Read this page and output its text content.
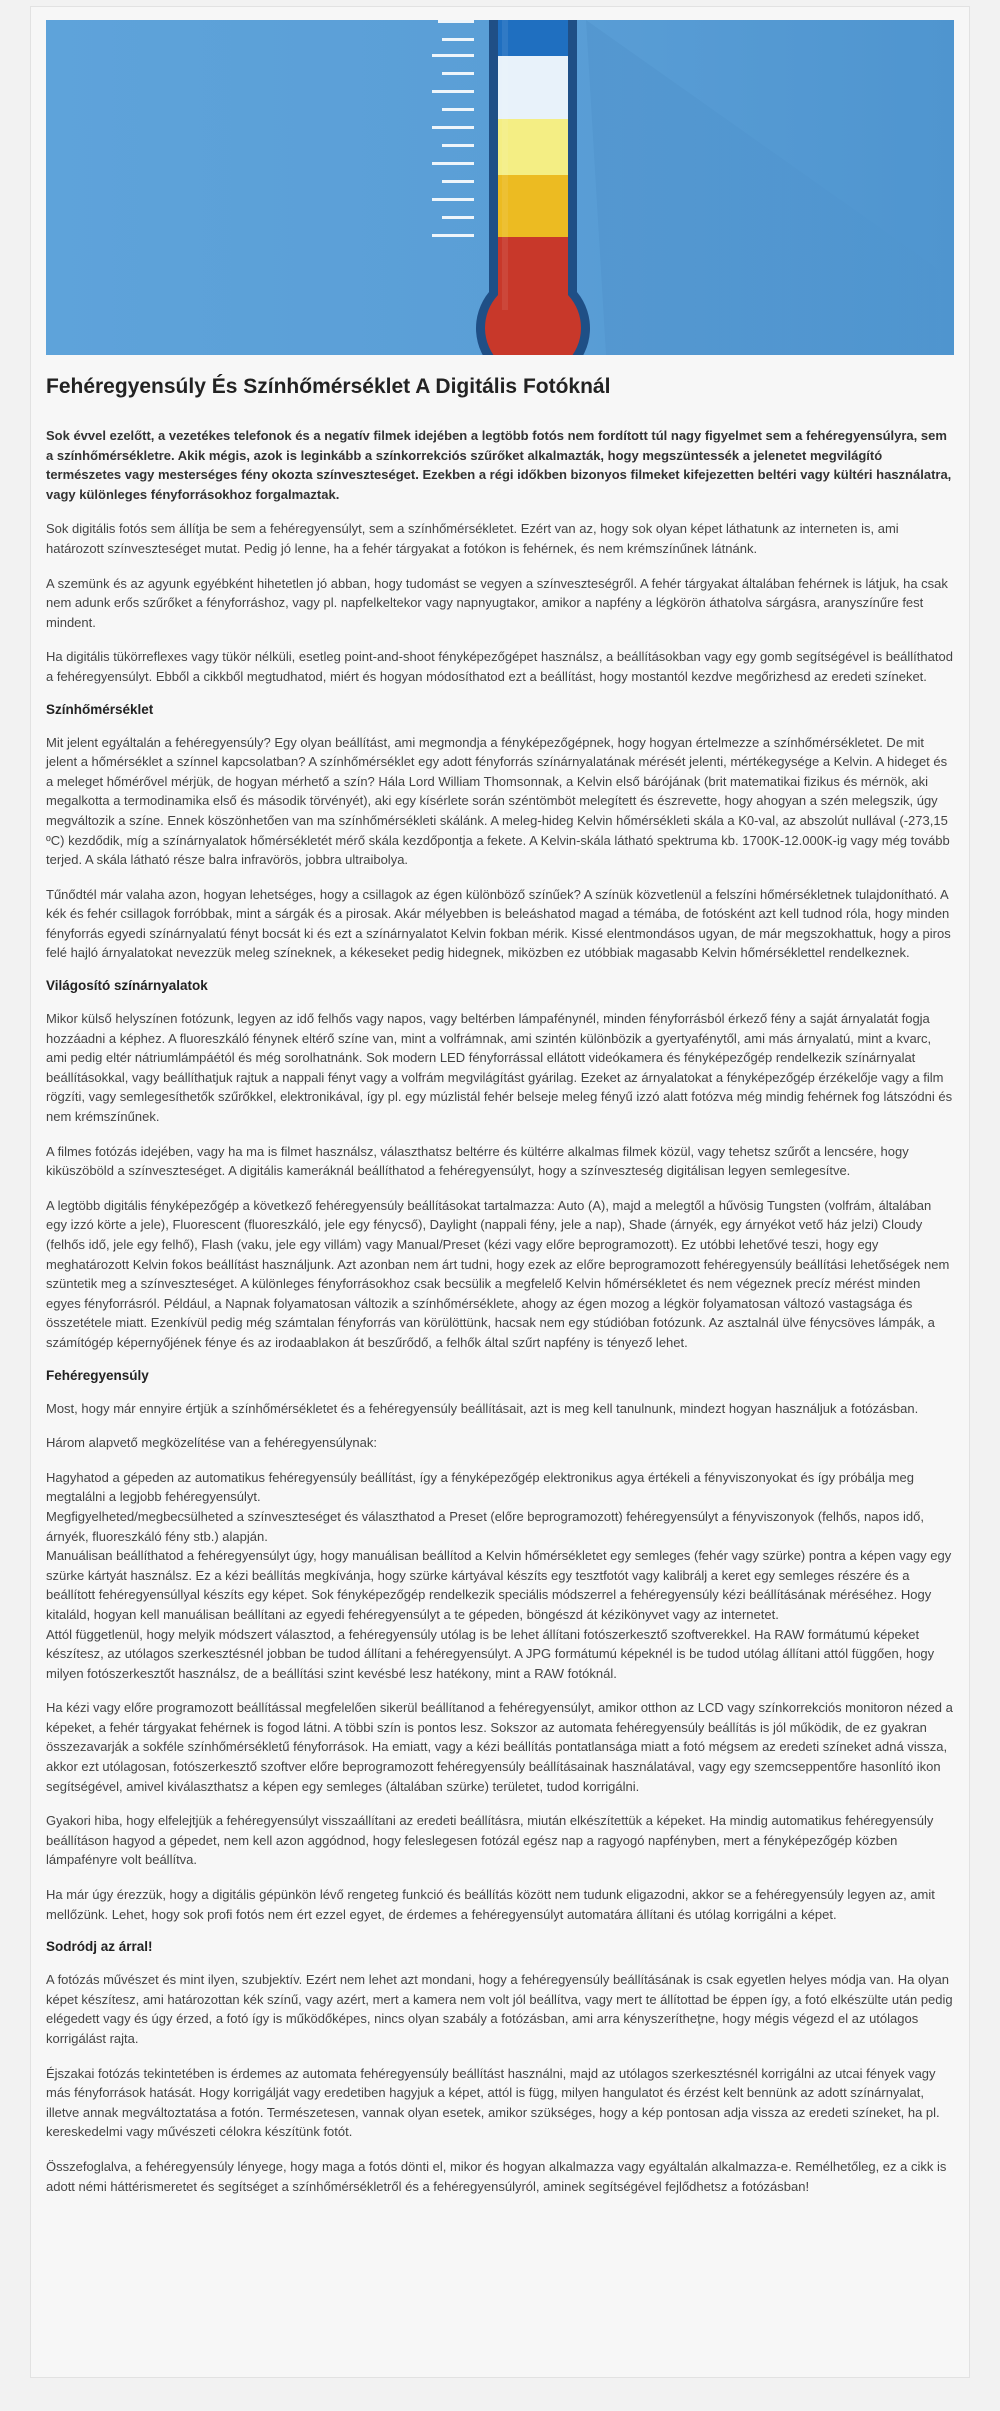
Fehéregyensúly És Színhőmérséklet A Digitális Fotóknál

Sok évvel ezelőtt, a vezetékes telefonok és a negatív filmek idejében a legtöbb fotós nem fordított túl nagy figyelmet sem a fehéregyensúlyra, sem a színhőmérsékletre. Akik mégis, azok is leginkább a színkorrekciós szűrőket alkalmazták, hogy megszüntessék a jelenetet megvilágító természetes vagy mesterséges fény okozta színveszteséget. Ezekben a régi időkben bizonyos filmeket kifejezetten beltéri vagy kültéri használatra, vagy különleges fényforrásokhoz forgalmaztak.

Sok digitális fotós sem állítja be sem a fehéregyensúlyt, sem a színhőmérsékletet. Ezért van az, hogy sok olyan képet láthatunk az interneten is, ami határozott színveszteséget mutat. Pedig jó lenne, ha a fehér tárgyakat a fotókon is fehérnek, és nem krémszínűnek látnánk.

A szemünk és az agyunk egyébként hihetetlen jó abban, hogy tudomást se vegyen a színveszteségről. A fehér tárgyakat általában fehérnek is látjuk, ha csak nem adunk erős szűrőket a fényforráshoz, vagy pl. napfelkeltekor vagy napnyugtakor, amikor a napfény a légkörön áthatolva sárgásra, aranyszínűre fest mindent.

Ha digitális tükörreflexes vagy tükör nélküli, esetleg point-and-shoot fényképezőgépet használsz, a beállításokban vagy egy gomb segítségével is beállíthatod a fehéregyensúlyt. Ebből a cikkből megtudhatod, miért és hogyan módosíthatod ezt a beállítást, hogy mostantól kezdve megőrizhesd az eredeti színeket.

Színhőmérséklet

Mit jelent egyáltalán a fehéregyensúly? Egy olyan beállítást, ami megmondja a fényképezőgépnek, hogy hogyan értelmezze a színhőmérsékletet. De mit jelent a hőmérséklet a színnel kapcsolatban? A színhőmérséklet egy adott fényforrás színárnyalatának mérését jelenti, mértékegysége a Kelvin. A hideget és a meleget hőmérővel mérjük, de hogyan mérhető a szín? Hála Lord William Thomsonnak, a Kelvin első bárójának (brit matematikai fizikus és mérnök, aki megalkotta a termodinamika első és második törvényét), aki egy kísérlete során széntömböt melegített és észrevette, hogy ahogyan a szén melegszik, úgy megváltozik a színe. Ennek köszönhetően van ma színhőmérsékleti skálánk. A meleg-hideg Kelvin hőmérsékleti skála a K0-val, az abszolút nullával (-273,15 ºC) kezdődik, míg a színárnyalatok hőmérsékletét mérő skála kezdőpontja a fekete. A Kelvin-skála látható spektruma kb. 1700K-12.000K-ig vagy még tovább terjed. A skála látható része balra infravörös, jobbra ultraibolya.

Tűnődtél már valaha azon, hogyan lehetséges, hogy a csillagok az égen különböző színűek? A színük közvetlenül a felszíni hőmérsékletnek tulajdonítható. A kék és fehér csillagok forróbbak, mint a sárgák és a pirosak. Akár mélyebben is beleáshatod magad a témába, de fotósként azt kell tudnod róla, hogy minden fényforrás egyedi színárnyalatú fényt bocsát ki és ezt a színárnyalatot Kelvin fokban mérik. Kissé elentmondásos ugyan, de már megszokhattuk, hogy a piros felé hajló árnyalatokat nevezzük meleg színeknek, a kékeseket pedig hidegnek, miközben ez utóbbiak magasabb Kelvin hőmérséklettel rendelkeznek.

Világosító színárnyalatok

Mikor külső helyszínen fotózunk, legyen az idő felhős vagy napos, vagy beltérben lámpafénynél, minden fényforrásból érkező fény a saját árnyalatát fogja hozzáadni a képhez. A fluoreszkáló fénynek eltérő színe van, mint a volfrámnak, ami szintén különbözik a gyertyafénytől, ami más árnyalatú, mint a kvarc, ami pedig eltér nátriumlámpáétól és még sorolhatnánk. Sok modern LED fényforrással ellátott videókamera és fényképezőgép rendelkezik színárnyalat beállításokkal, vagy beállíthatjuk rajtuk a nappali fényt vagy a volfrám megvilágítást gyárilag. Ezeket az árnyalatokat a fényképezőgép érzékelője vagy a film rögzíti, vagy semlegesíthetők szűrőkkel, elektronikával, így pl. egy múzlistál fehér belseje meleg fényű izzó alatt fotózva még mindig fehérnek fog látszódni és nem krémszínűnek.

A filmes fotózás idejében, vagy ha ma is filmet használsz, választhatsz beltérre és kültérre alkalmas filmek közül, vagy tehetsz szűrőt a lencsére, hogy kiküszöböld a színveszteséget. A digitális kameráknál beállíthatod a fehéregyensúlyt, hogy a színveszteség digitálisan legyen semlegesítve.

A legtöbb digitális fényképezőgép a következő fehéregyensúly beállításokat tartalmazza: Auto (A), majd a melegtől a hűvösig Tungsten (volfrám, általában egy izzó körte a jele), Fluorescent (fluoreszkáló, jele egy fénycső), Daylight (nappali fény, jele a nap), Shade (árnyék, egy árnyékot vető ház jelzi) Cloudy (felhős idő, jele egy felhő), Flash (vaku, jele egy villám) vagy Manual/Preset (kézi vagy előre beprogramozott). Ez utóbbi lehetővé teszi, hogy egy meghatározott Kelvin fokos beállítást használjunk. Azt azonban nem árt tudni, hogy ezek az előre beprogramozott fehéregyensúly beállítási lehetőségek nem szüntetik meg a színveszteséget. A különleges fényforrásokhoz csak becsülik a megfelelő Kelvin hőmérsékletet és nem végeznek precíz mérést minden egyes fényforrásról. Például, a Napnak folyamatosan változik a színhőmérséklete, ahogy az égen mozog a légkör folyamatosan változó vastagsága és összetétele miatt. Ezenkívül pedig még számtalan fényforrás van körülöttünk, hacsak nem egy stúdióban fotózunk. Az asztalnál ülve fénycsöves lámpák, a számítógép képernyőjének fénye és az irodaablakon át beszűrődő, a felhők által szűrt napfény is tényező lehet.

Fehéregyensúly

Most, hogy már ennyire értjük a színhőmérsékletet és a fehéregyensúly beállításait, azt is meg kell tanulnunk, mindezt hogyan használjuk a fotózásban.

Három alapvető megközelítése van a fehéregyensúlynak:

Hagyhatod a gépeden az automatikus fehéregyensúly beállítást, így a fényképezőgép elektronikus agya értékeli a fényviszonyokat és így próbálja meg megtalálni a legjobb fehéregyensúlyt.

Megfigyelheted/megbecsülheted a színveszteséget és választhatod a Preset (előre beprogramozott) fehéregyensúlyt a fényviszonyok (felhős, napos idő, árnyék, fluoreszkáló fény stb.) alapján.

Manuálisan beállíthatod a fehéregyensúlyt úgy, hogy manuálisan beállítod a Kelvin hőmérsékletet egy semleges (fehér vagy szürke) pontra a képen vagy egy szürke kártyát használsz. Ez a kézi beállítás megkívánja, hogy szürke kártyával készíts egy tesztfotót vagy kalibrálj a keret egy semleges részére és a beállított fehéregyensúllyal készíts egy képet. Sok fényképezőgép rendelkezik speciális módszerrel a fehéregyensúly kézi beállításának méréséhez. Hogy kitaláld, hogyan kell manuálisan beállítani az egyedi fehéregyensúlyt a te gépeden, böngészd át kézikönyvet vagy az internetet.

Attól függetlenül, hogy melyik módszert választod, a fehéregyensúly utólag is be lehet állítani fotószerkesztő szoftverekkel. Ha RAW formátumú képeket készítesz, az utólagos szerkesztésnél jobban be tudod állítani a fehéregyensúlyt. A JPG formátumú képeknél is be tudod utólag állítani attól függően, hogy milyen fotószerkesztőt használsz, de a beállítási szint kevésbé lesz hatékony, mint a RAW fotóknál.

Ha kézi vagy előre programozott beállítással megfelelően sikerül beállítanod a fehéregyensúlyt, amikor otthon az LCD vagy színkorrekciós monitoron nézed a képeket, a fehér tárgyakat fehérnek is fogod látni. A többi szín is pontos lesz. Sokszor az automata fehéregyensúly beállítás is jól működik, de ez gyakran összezavarják a sokféle színhőmérsékletű fényforrások. Ha emiatt, vagy a kézi beállítás pontatlansága miatt a fotó mégsem az eredeti színeket adná vissza, akkor ezt utólagosan, fotószerkesztő szoftver előre beprogramozott fehéregyensúly beállításainak használatával, vagy egy szemcseppentőre hasonlító ikon segítségével, amivel kiválaszthatsz a képen egy semleges (általában szürke) területet, tudod korrigálni.

Gyakori hiba, hogy elfelejtjük a fehéregyensúlyt visszaállítani az eredeti beállításra, miután elkészítettük a képeket. Ha mindig automatikus fehéregyensúly beállításon hagyod a gépedet, nem kell azon aggódnod, hogy feleslegesen fotózál egész nap a ragyogó napfényben, mert a fényképezőgép közben lámpafényre volt beállítva.

Ha már úgy érezzük, hogy a digitális gépünkön lévő rengeteg funkció és beállítás között nem tudunk eligazodni, akkor se a fehéregyensúly legyen az, amit mellőzünk. Lehet, hogy sok profi fotós nem ért ezzel egyet, de érdemes a fehéregyensúlyt automatára állítani és utólag korrigálni a képet.

Sodródj az árral!

A fotózás művészet és mint ilyen, szubjektív. Ezért nem lehet azt mondani, hogy a fehéregyensúly beállításának is csak egyetlen helyes módja van. Ha olyan képet készítesz, ami határozottan kék színű, vagy azért, mert a kamera nem volt jól beállítva, vagy mert te állítottad be éppen így, a fotó elkészülte után pedig elégedett vagy és úgy érzed, a fotó így is működőképes, nincs olyan szabály a fotózásban, ami arra kényszerítheţne, hogy mégis végezd el az utólagos korrigálást rajta.

Éjszakai fotózás tekintetében is érdemes az automata fehéregyensúly beállítást használni, majd az utólagos szerkesztésnél korrigálni az utcai fények vagy más fényforrások hatását. Hogy korrigálját vagy eredetiben hagyjuk a képet, attól is függ, milyen hangulatot és érzést kelt bennünk az adott színárnyalat, illetve annak megváltoztatása a fotón. Természetesen, vannak olyan esetek, amikor szükséges, hogy a kép pontosan adja vissza az eredeti színeket, ha pl. kereskedelmi vagy művészeti célokra készítünk fotót.

Összefoglalva, a fehéregyensúly lényege, hogy maga a fotós dönti el, mikor és hogyan alkalmazza vagy egyáltalán alkalmazza-e. Remélhetőleg, ez a cikk is adott némi háttérismeretet és segítséget a színhőmérsékletről és a fehéregyensúlyról, aminek segítségével fejlődhetsz a fotózásban!
